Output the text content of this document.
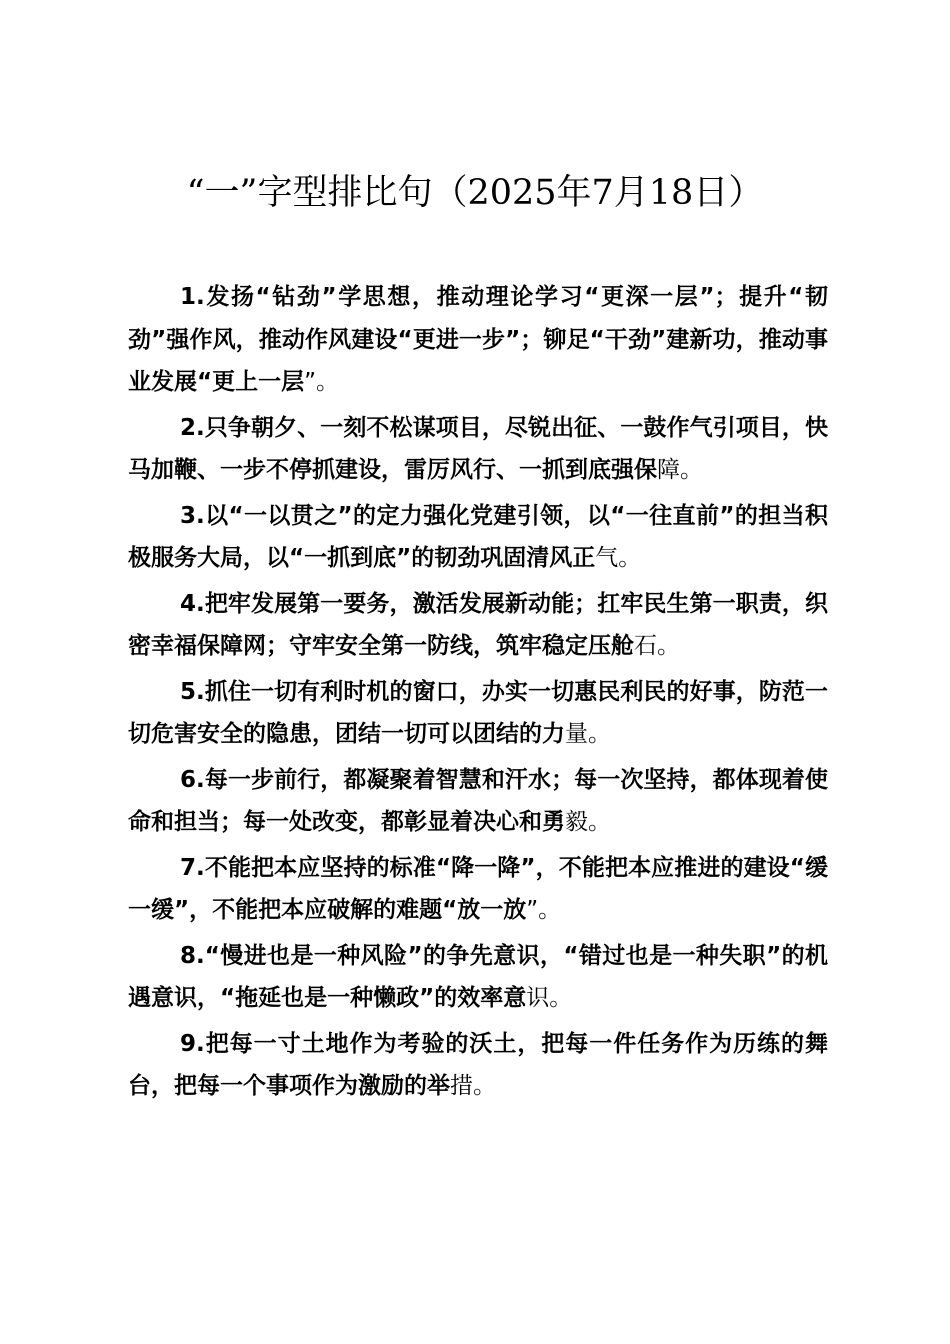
“一”字型排比句（2025年7月18日）

1.发扬“钻劲”学思想，推动理论学习“更深一层”；提升“韧劲”强作风，推动作风建设“更进一步”；铆足“干劲”建新功，推动事业发展“更上一层”。

2.只争朝夕、一刻不松谋项目，尽锐出征、一鼓作气引项目，快马加鞭、一步不停抓建设，雷厉风行、一抓到底强保障。

3.以“一以贯之”的定力强化党建引领，以“一往直前”的担当积极服务大局，以“一抓到底”的韧劲巩固清风正气。

4.把牢发展第一要务，激活发展新动能；扛牢民生第一职责，织密幸福保障网；守牢安全第一防线，筑牢稳定压舱石。

5.抓住一切有利时机的窗口，办实一切惠民利民的好事，防范一切危害安全的隐患，团结一切可以团结的力量。

6.每一步前行，都凝聚着智慧和汗水；每一次坚持，都体现着使命和担当；每一处改变，都彰显着决心和勇毅。

7.不能把本应坚持的标准“降一降”，不能把本应推进的建设“缓一缓”，不能把本应破解的难题“放一放”。

8.“慢进也是一种风险”的争先意识，“错过也是一种失职”的机遇意识，“拖延也是一种懒政”的效率意识。

9.把每一寸土地作为考验的沃土，把每一件任务作为历练的舞台，把每一个事项作为激励的举措。
